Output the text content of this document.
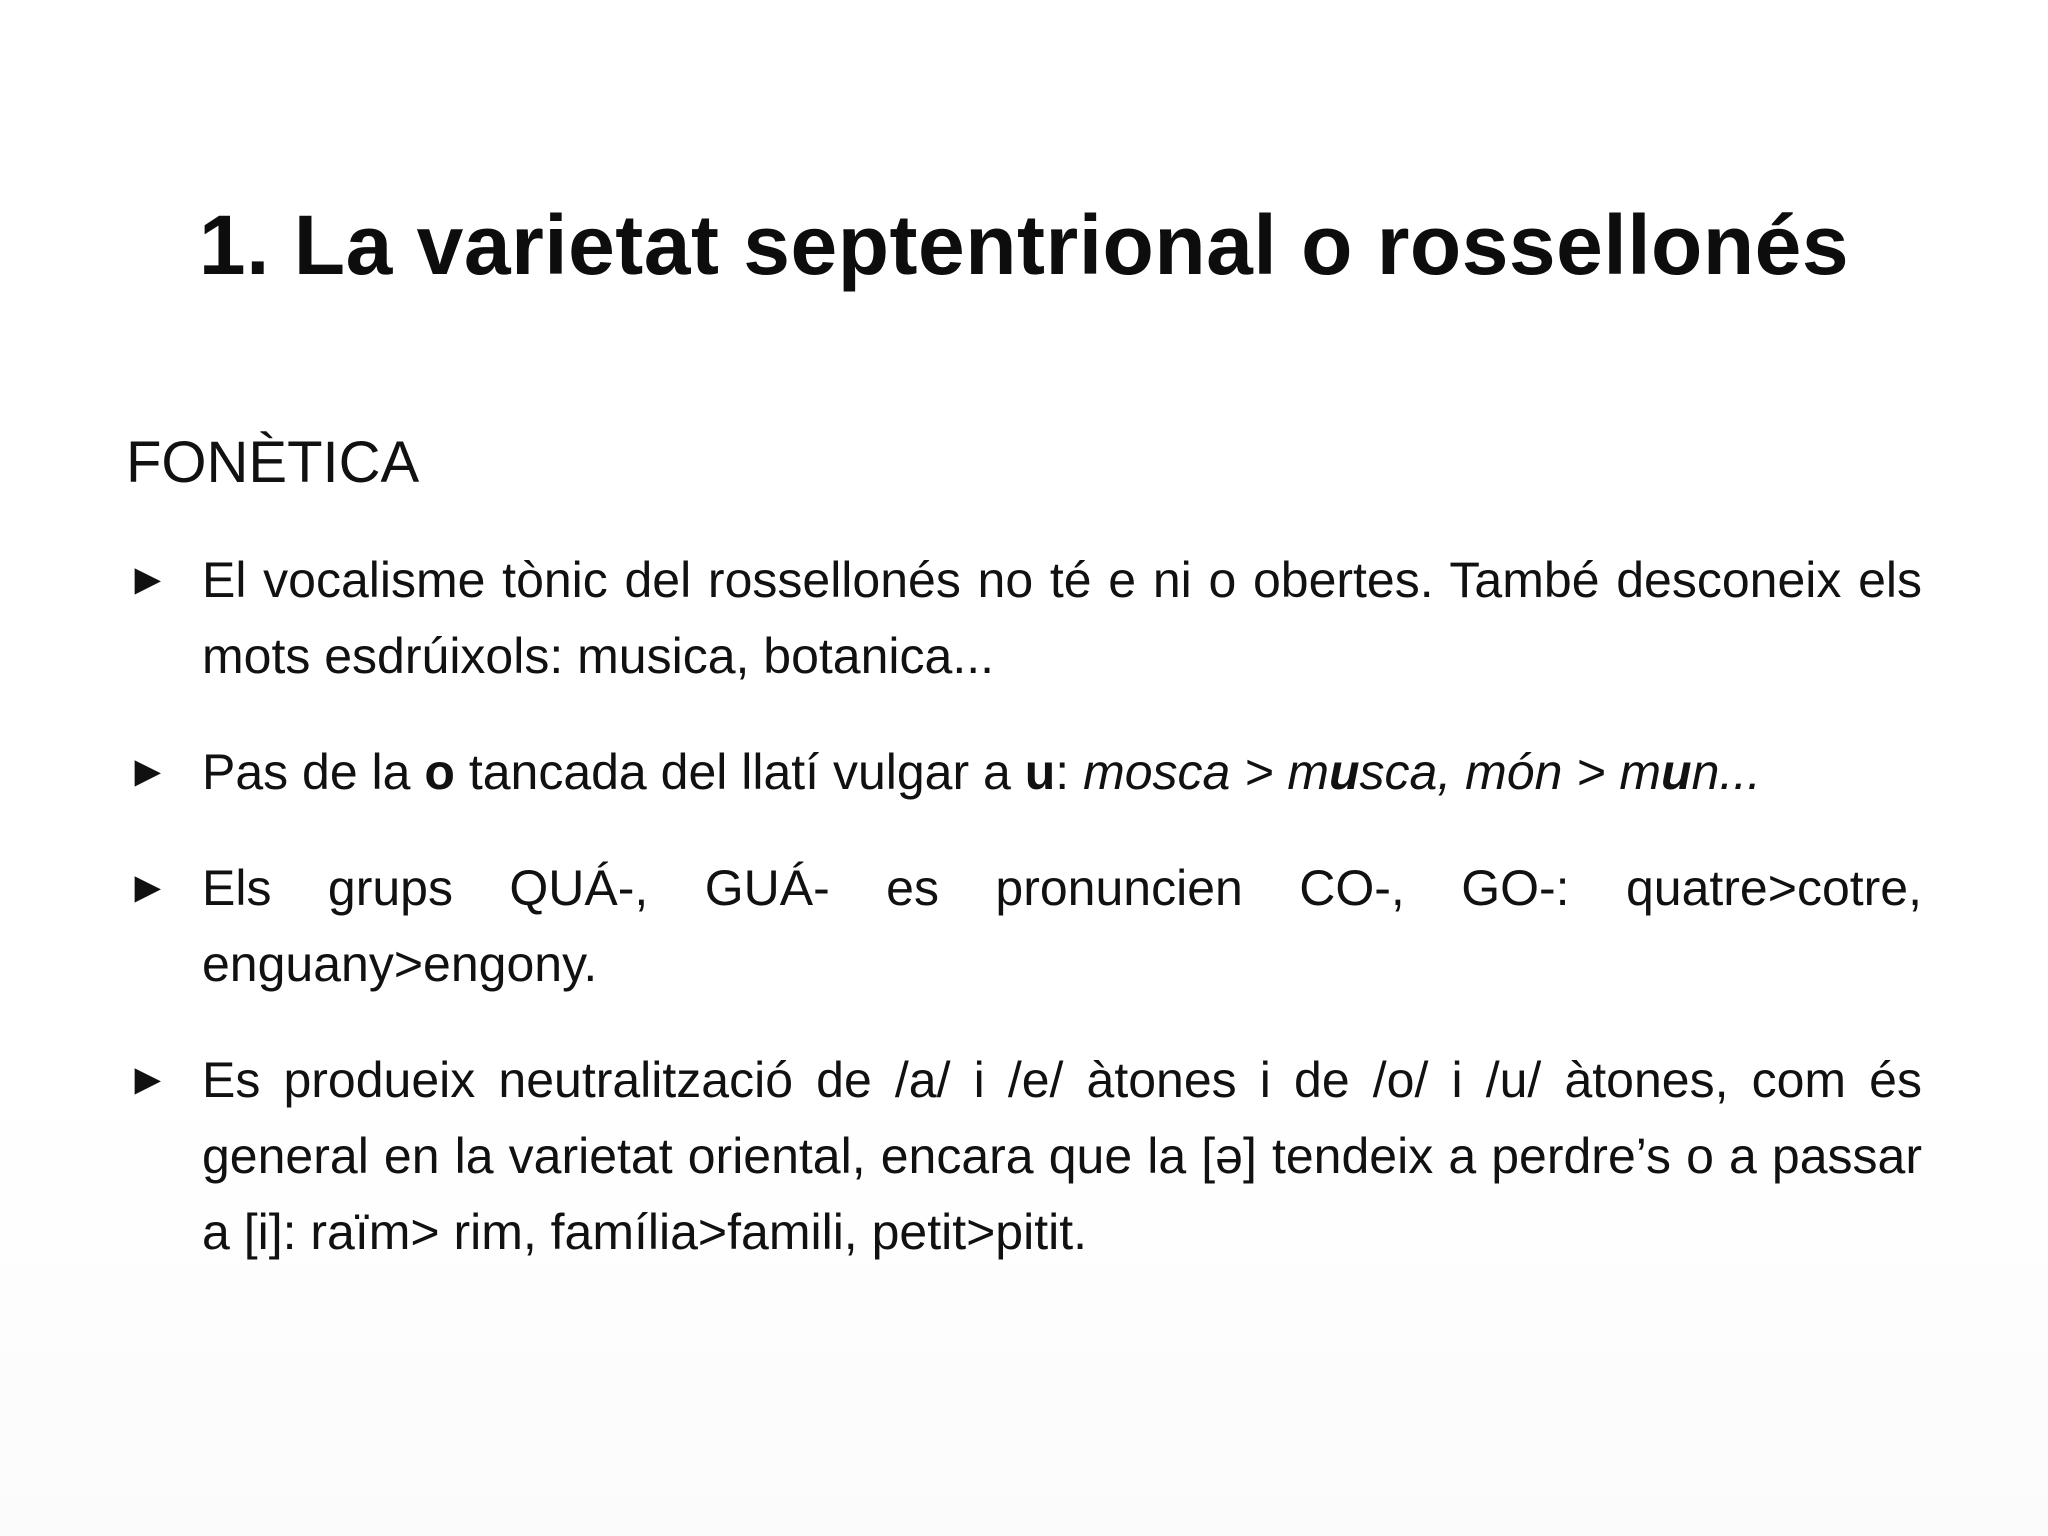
1. La varietat septentrional o rossellonés
FONÈTICA
► El vocalisme tònic del rossellonés no té e ni o obertes. També desconeix els mots esdrúixols: musica, botanica...
► Pas de la o tancada del llatí vulgar a u: mosca > musca, món > mun...
► Els grups QUÁ-, GUÁ- es pronuncien CO-, GO-: quatre>cotre, enguany>engony.
► Es produeix neutralització de /a/ i /e/ àtones i de /o/ i /u/ àtones, com és general en la varietat oriental, encara que la [ə] tendeix a perdre’s o a passar a [i]: raïm> rim, família>famili, petit>pitit.
